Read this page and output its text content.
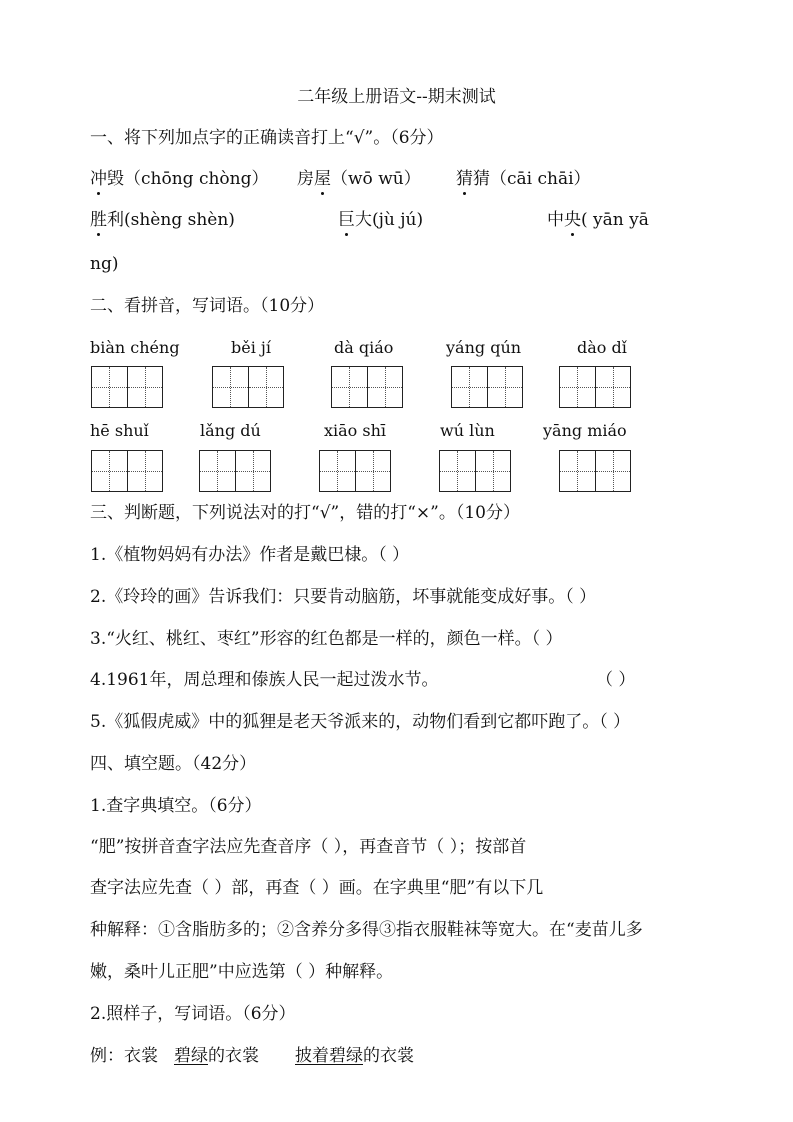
二年级上册语文--期末测试
一、将下列加点字的正确读音打上“√”。（6分）
冲毁（chōng chòng） 房屋（wō wū） 猜猜（cāi chāi）
胜利(shèng shèn)	巨大(jù jú)	中央( yān yā
ng)
二、看拼音，写词语。（10分）
biàn chéng	běi jí	dà qiáo	yáng qún	dào dǐ
hē shuǐ	lǎng dú	xiāo shī	wú lùn	yāng miáo
三、判断题，下列说法对的打“√”，错的打“×”。（10分）
1.《植物妈妈有办法》作者是戴巴棣。（ ）
2.《玲玲的画》告诉我们：只要肯动脑筋，坏事就能变成好事。（ ）
3.“火红、桃红、枣红”形容的红色都是一样的，颜色一样。（ ）
4.1961年，周总理和傣族人民一起过泼水节。	（ ）
5.《狐假虎威》中的狐狸是老天爷派来的，动物们看到它都吓跑了。（ ）
四、填空题。（42分）
1.查字典填空。（6分）
“肥”按拼音查字法应先查音序（ ），再查音节（ ）；按部首
查字法应先查（ ）部，再查（ ）画。在字典里“肥”有以下几
种解释：①含脂肪多的；②含养分多得③指衣服鞋袜等宽大。在“麦苗儿多
嫩，桑叶儿正肥”中应选第（ ）种解释。
2.照样子，写词语。（6分）
例：衣裳 碧绿的衣裳 披着碧绿的衣裳
